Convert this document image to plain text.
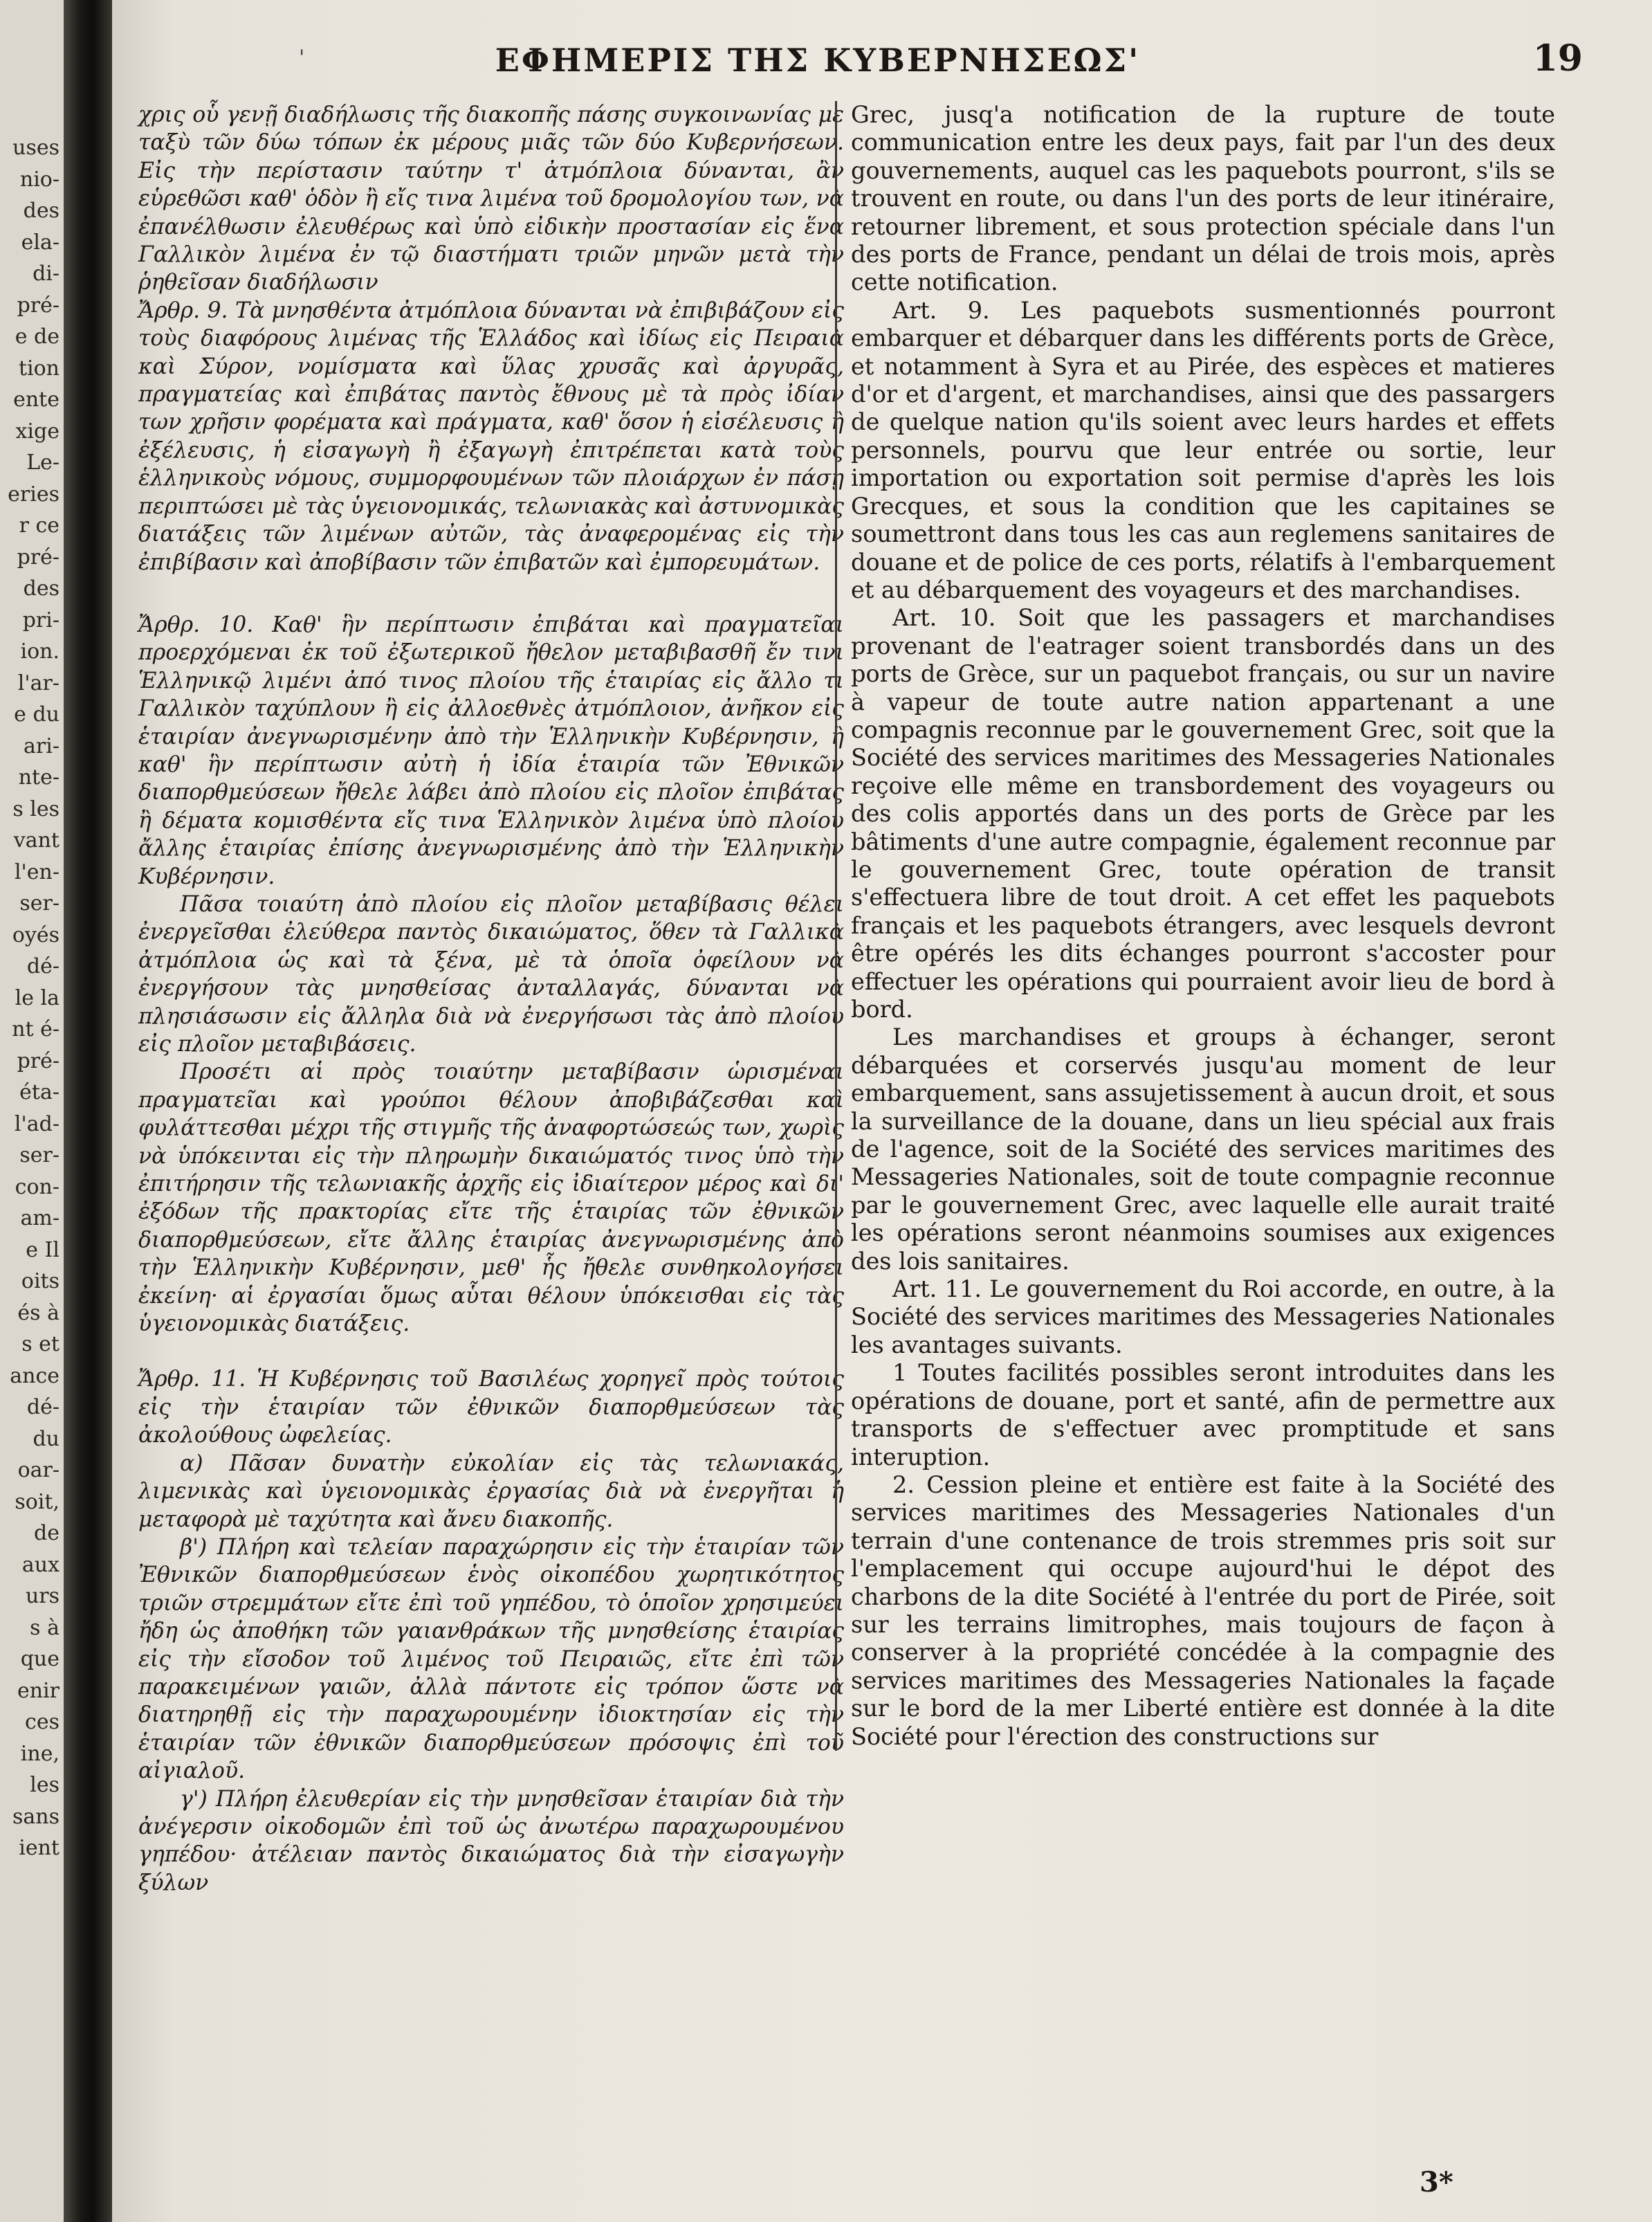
uses
nio-
des
ela-
di-
pré-
e de
tion
ente
xige
Le-
eries
r ce
pré-
des
pri-
ion.
l'ar-
e du
ari-
nte-
s les
vant
l'en-
ser-
oyés
dé-
le la
nt é-
pré-
éta-
l'ad-
ser-
con-
am-
e Il
oits
és à
s et
ance
dé-
du
oar-
soit,
de
aux
urs
s à
que
enir
ces
ine,
les
sans
ient
'	ΕΦΗΜΕΡΙΣ ΤΗΣ ΚΥΒΕΡΝΗΣΕΩΣ'	19

χρις οὗ γενῇ διαδήλωσις τῆς διακοπῆς πάσης συγκοινωνίας με ταξὺ τῶν δύω τόπων ἐκ μέρους μιᾶς τῶν δύο Κυβερνήσεων. Εἰς τὴν περίστασιν ταύτην τ' ἀτμόπλοια δύνανται, ἂν εὑρεθῶσι καθ' ὁδὸν ἢ εἴς τινα λιμένα τοῦ δρομολογίου των, νὰ ἐπανέλθωσιν ἐλευθέρως καὶ ὑπὸ εἰδικὴν προστασίαν εἰς ἕνα Γαλλικὸν λιμένα ἐν τῷ διαστήματι τριῶν μηνῶν μετὰ τὴν ῥηθεῖσαν διαδήλωσιν

Ἄρθρ. 9. Τὰ μνησθέντα ἀτμόπλοια δύνανται νὰ ἐπιβιβάζουν εἰς τοὺς διαφόρους λιμένας τῆς Ἑλλάδος καὶ ἰδίως εἰς Πειραιὰ καὶ Σύρον, νομίσματα καὶ ὕλας χρυσᾶς καὶ ἀργυρᾶς, πραγματείας καὶ ἐπιβάτας παντὸς ἔθνους μὲ τὰ πρὸς ἰδίαν των χρῆσιν φορέματα καὶ πράγματα, καθ' ὅσον ἡ εἰσέλευσις ἢ ἐξέλευσις, ἡ εἰσαγωγὴ ἢ ἐξαγωγὴ ἐπιτρέπεται κατὰ τοὺς ἑλληνικοὺς νόμους, συμμορφουμένων τῶν πλοιάρχων ἐν πάσῃ περιπτώσει μὲ τὰς ὑγειονομικάς, τελωνιακὰς καὶ ἀστυνομικὰς διατάξεις τῶν λιμένων αὐτῶν, τὰς ἀναφερομένας εἰς τὴν ἐπιβίβασιν καὶ ἀποβίβασιν τῶν ἐπιβατῶν καὶ ἐμπορευμάτων.

Ἄρθρ. 10. Καθ' ἣν περίπτωσιν ἐπιβάται καὶ πραγματεῖαι προερχόμεναι ἐκ τοῦ ἐξωτερικοῦ ἤθελον μεταβιβασθῆ ἔν τινι Ἑλληνικῷ λιμένι ἀπό τινος πλοίου τῆς ἑταιρίας εἰς ἄλλο τι Γαλλικὸν ταχύπλουν ἢ εἰς ἀλλοεθνὲς ἀτμόπλοιον, ἀνῆκον εἰς ἑταιρίαν ἀνεγνωρισμένην ἀπὸ τὴν Ἑλληνικὴν Κυβέρνησιν, ἢ καθ' ἣν περίπτωσιν αὐτὴ ἡ ἰδία ἑταιρία τῶν Ἐθνικῶν διαπορθμεύσεων ἤθελε λάβει ἀπὸ πλοίου εἰς πλοῖον ἐπιβάτας ἢ δέματα κομισθέντα εἴς τινα Ἑλληνικὸν λιμένα ὑπὸ πλοίου ἄλλης ἑταιρίας ἐπίσης ἀνεγνωρισμένης ἀπὸ τὴν Ἑλληνικὴν Κυβέρνησιν.

Πᾶσα τοιαύτη ἀπὸ πλοίου εἰς πλοῖον μεταβίβασις θέλει ἐνεργεῖσθαι ἐλεύθερα παντὸς δικαιώματος, ὅθεν τὰ Γαλλικὰ ἀτμόπλοια ὡς καὶ τὰ ξένα, μὲ τὰ ὁποῖα ὀφείλουν νὰ ἐνεργήσουν τὰς μνησθείσας ἀνταλλαγάς, δύνανται νὰ πλησιάσωσιν εἰς ἄλληλα διὰ νὰ ἐνεργήσωσι τὰς ἀπὸ πλοίου εἰς πλοῖον μεταβιβάσεις.

Προσέτι αἱ πρὸς τοιαύτην μεταβίβασιν ὡρισμέναι πραγματεῖαι καὶ γρούποι θέλουν ἀποβιβάζεσθαι καὶ φυλάττεσθαι μέχρι τῆς στιγμῆς τῆς ἀναφορτώσεώς των, χωρὶς νὰ ὑπόκεινται εἰς τὴν πληρωμὴν δικαιώματός τινος ὑπὸ τὴν ἐπιτήρησιν τῆς τελωνιακῆς ἀρχῆς εἰς ἰδιαίτερον μέρος καὶ δι' ἐξόδων τῆς πρακτορίας εἴτε τῆς ἑταιρίας τῶν ἐθνικῶν διαπορθμεύσεων, εἴτε ἄλλης ἑταιρίας ἀνεγνωρισμένης ἀπὸ τὴν Ἑλληνικὴν Κυβέρνησιν, μεθ' ἧς ἤθελε συνθηκολογήσει ἐκείνη· αἱ ἐργασίαι ὅμως αὗται θέλουν ὑπόκεισθαι εἰς τὰς ὑγειονομικὰς διατάξεις.

Ἄρθρ. 11. Ἡ Κυβέρνησις τοῦ Βασιλέως χορηγεῖ πρὸς τούτοις εἰς τὴν ἑταιρίαν τῶν ἐθνικῶν διαπορθμεύσεων τὰς ἀκολούθους ὠφελείας.

α) Πᾶσαν δυνατὴν εὐκολίαν εἰς τὰς τελωνιακάς, λιμενικὰς καὶ ὑγειονομικὰς ἐργασίας διὰ νὰ ἐνεργῆται ἡ μεταφορὰ μὲ ταχύτητα καὶ ἄνευ διακοπῆς.

β') Πλήρη καὶ τελείαν παραχώρησιν εἰς τὴν ἑταιρίαν τῶν Ἐθνικῶν διαπορθμεύσεων ἑνὸς οἰκοπέδου χωρητικότητος τριῶν στρεμμάτων εἴτε ἐπὶ τοῦ γηπέδου, τὸ ὁποῖον χρησιμεύει ἤδη ὡς ἀποθήκη τῶν γαιανθράκων τῆς μνησθείσης ἑταιρίας εἰς τὴν εἴσοδον τοῦ λιμένος τοῦ Πειραιῶς, εἴτε ἐπὶ τῶν παρακειμένων γαιῶν, ἀλλὰ πάντοτε εἰς τρόπον ὥστε νὰ διατηρηθῇ εἰς τὴν παραχωρουμένην ἰδιοκτησίαν εἰς τὴν ἑταιρίαν τῶν ἐθνικῶν διαπορθμεύσεων πρόσοψις ἐπὶ τοῦ αἰγιαλοῦ.

γ') Πλήρη ἐλευθερίαν εἰς τὴν μνησθεῖσαν ἑταιρίαν διὰ τὴν ἀνέγερσιν οἰκοδομῶν ἐπὶ τοῦ ὡς ἀνωτέρω παραχωρουμένου γηπέδου· ἀτέλειαν παντὸς δικαιώματος διὰ τὴν εἰσαγωγὴν ξύλων

Grec, jusq'a notification de la rupture de toute communication entre les deux pays, fait par l'un des deux gouvernements, auquel cas les paquebots pourront, s'ils se trouvent en route, ou dans l'un des ports de leur itinéraire, retourner librement, et sous protection spéciale dans l'un des ports de France, pendant un délai de trois mois, après cette notification.

Art. 9. Les paquebots susmentionnés pourront embarquer et débarquer dans les différents ports de Grèce, et notamment à Syra et au Pirée, des espèces et matieres d'or et d'argent, et marchandises, ainsi que des passargers de quelque nation qu'ils soient avec leurs hardes et effets personnels, pourvu que leur entrée ou sortie, leur importation ou exportation soit permise d'après les lois Grecques, et sous la condition que les capitaines se soumettront dans tous les cas aun reglemens sanitaires de douane et de police de ces ports, rélatifs à l'embarquement et au débarquement des voyageurs et des marchandises.

Art. 10. Soit que les passagers et marchandises provenant de l'eatrager soient transbordés dans un des ports de Grèce, sur un paquebot français, ou sur un navire à vapeur de toute autre nation appartenant a une compagnis reconnue par le gouvernement Grec, soit que la Société des services maritimes des Messageries Nationales reçoive elle même en transbordement des voyageurs ou des colis apportés dans un des ports de Grèce par les bâtiments d'une autre compagnie, également reconnue par le gouvernement Grec, toute opération de transit s'effectuera libre de tout droit. A cet effet les paquebots français et les paquebots étrangers, avec lesquels devront être opérés les dits échanges pourront s'accoster pour effectuer les opérations qui pourraient avoir lieu de bord à bord.

Les marchandises et groups à échanger, seront débarquées et corservés jusqu'au moment de leur embarquement, sans assujetissement à aucun droit, et sous la surveillance de la douane, dans un lieu spécial aux frais de l'agence, soit de la Société des services maritimes des Messageries Nationales, soit de toute compagnie reconnue par le gouvernement Grec, avec laquelle elle aurait traité les opérations seront néanmoins soumises aux exigences des lois sanitaires.

Art. 11. Le gouvernement du Roi accorde, en outre, à la Société des services maritimes des Messageries Nationales les avantages suivants.

1 Toutes facilités possibles seront introduites dans les opérations de douane, port et santé, afin de permettre aux transports de s'effectuer avec promptitude et sans interuption.

2. Cession pleine et entière est faite à la Société des services maritimes des Messageries Nationales d'un terrain d'une contenance de trois stremmes pris soit sur l'emplacement qui occupe aujourd'hui le dépot des charbons de la dite Société à l'entrée du port de Pirée, soit sur les terrains limitrophes, mais toujours de façon à conserver à la propriété concédée à la compagnie des services maritimes des Messageries Nationales la façade sur le bord de la mer Liberté entière est donnée à la dite Société pour l'érection des constructions sur

3*
